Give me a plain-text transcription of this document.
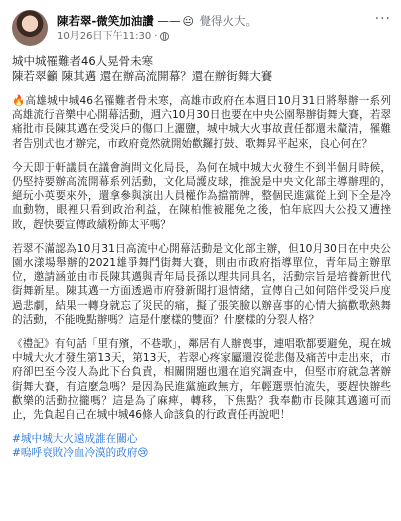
陳若翠-微笑加油讚 —— 😐 覺得火大。
10月26日下午11:30 ·
···
城中城罹難者46人晃骨未寒
陳若翠籲 陳其邁 還在辦高流開幕？還在辦街舞大賽
🔥高雄城中城46名罹難者骨未寒，高雄市政府在本週日10月31日將舉辦一系列高雄流行音樂中心開幕活動，週六10月30日也要在中央公園舉辦街舞大賽，若翠痛批市長陳其邁在受災戶的傷口上灑鹽，城中城大火事故責任都還未釐清，罹難者告別式也才辦完，市政府竟然就開始歡鑼打鼓、歌舞昇平起來，良心何在？
今天即于軒議員在議會詢問文化局長，為何在城中城大火發生不到半個月時候，仍堅持要辦高流開幕系列活動，文化局護皮球，推說是中央文化部主導辦理的，絕玩小英要來外，還拿參與演出人員權作為擋箭牌，整個民進黨從上到下全是冷血動物，眼裡只看到政治利益，在陳柏惟被罷免之後，怕年底四大公投又遭挫敗，趕快要宣傳政績粉飾太平嗎？
若翠不滿認為10月31日高流中心開幕活動是文化部主辦，但10月30日在中央公園水漾場舉辦的2021雄爭舞鬥街舞大賽，則由市政府指導單位，青年局主辦單位，邀請涵並由市長陳其邁與青年局長孫以理共同具名，活動宗旨是培養新世代街舞新星。陳其邁一方面透過市府發新聞打退情緒，宣傳自己如何陪伴受災戶度過悲劇，結果一轉身就忘了災民的痛，擬了張笑臉以辦喜事的心情大搞歡歌熱舞的活動，不能晚點辦嗎？這是什麼樣的雙面？什麼樣的分裂人格？
《禮記》有句話「里有殯，不巷歌」，鄰居有人辦喪事，連唱歌都要避免，現在城中城大火才發生第13天，第13天，若翠心疼家屬還沒從悲傷及痛苦中走出來，市府卻巴至今沒人為此下台負責，相關開題也還在追究調查中，但堅市府就急著辦街舞大賽，有這麼急嗎？是因為民進黨施政無方，年輕選票怕流失，要趕快辦些歡樂的活動拉攏嗎？這是為了麻痺，轉移，下焦點？我奉勸市長陳其邁適可而止，先負起自己在城中城46條人命該負的行政責任再說吧！
#城中城大火遠成誰在關心
#嗚呼衰敗冷血冷漠的政府😢
